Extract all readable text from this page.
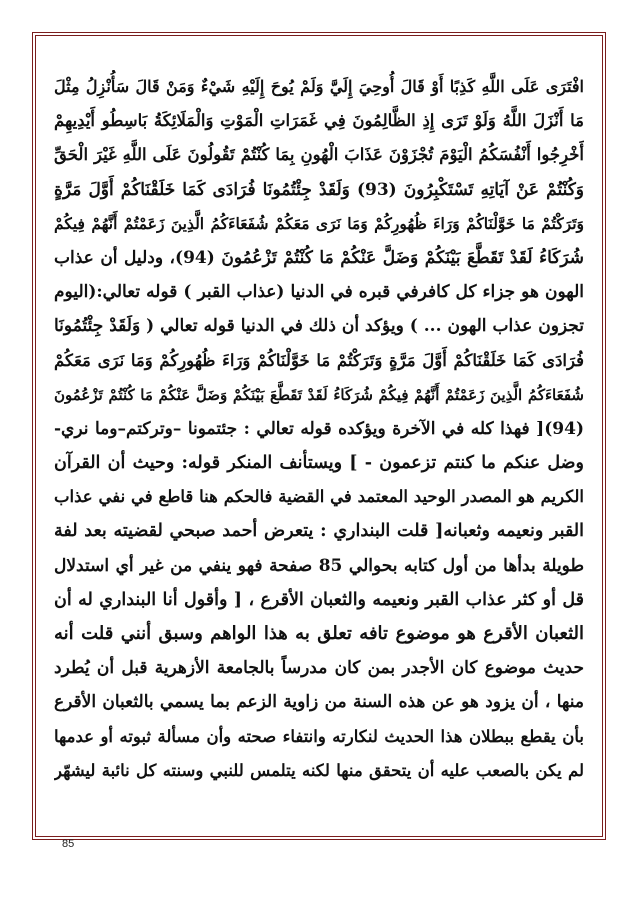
افْتَرَى عَلَى اللَّهِ كَذِبًا أَوْ قَالَ أُوحِيَ إِلَيَّ وَلَمْ يُوحَ إِلَيْهِ شَيْءٌ وَمَنْ قَالَ سَأُنْزِلُ مِثْلَ
مَا أَنْزَلَ اللَّهُ وَلَوْ تَرَى إِذِ الظَّالِمُونَ فِي غَمَرَاتِ الْمَوْتِ وَالْمَلَائِكَةُ بَاسِطُو أَيْدِيهِمْ
أَخْرِجُوا أَنْفُسَكُمُ الْيَوْمَ تُجْزَوْنَ عَذَابَ الْهُونِ بِمَا كُنْتُمْ تَقُولُونَ عَلَى اللَّهِ غَيْرَ الْحَقِّ
وَكُنْتُمْ عَنْ آيَاتِهِ تَسْتَكْبِرُونَ (93) وَلَقَدْ جِئْتُمُونَا فُرَادَى كَمَا خَلَقْنَاكُمْ أَوَّلَ مَرَّةٍ
وَتَرَكْتُمْ مَا خَوَّلْنَاكُمْ وَرَاءَ ظُهُورِكُمْ وَمَا نَرَى مَعَكُمْ شُفَعَاءَكُمُ الَّذِينَ زَعَمْتُمْ أَنَّهُمْ فِيكُمْ
شُرَكَاءُ لَقَدْ تَقَطَّعَ بَيْنَكُمْ وَضَلَّ عَنْكُمْ مَا كُنْتُمْ تَزْعُمُونَ (94)، ودليل أن عذاب
الهون هو جزاء كل كافرفي قبره في الدنيا (عذاب القبر ) قوله تعالي:(اليوم
تجزون عذاب الهون ... ) ويؤكد أن ذلك في الدنيا قوله تعالي ( وَلَقَدْ جِئْتُمُونَا
فُرَادَى كَمَا خَلَقْنَاكُمْ أَوَّلَ مَرَّةٍ وَتَرَكْتُمْ مَا خَوَّلْنَاكُمْ وَرَاءَ ظُهُورِكُمْ وَمَا نَرَى مَعَكُمْ
شُفَعَاءَكُمُ الَّذِينَ زَعَمْتُمْ أَنَّهُمْ فِيكُمْ شُرَكَاءُ لَقَدْ تَقَطَّعَ بَيْنَكُمْ وَضَلَّ عَنْكُمْ مَا كُنْتُمْ تَزْعُمُونَ
(94)[ فهذا كله في الآخرة ويؤكده قوله تعالي : جئتمونا –وتركتم–وما نري-
وضل عنكم ما كنتم تزعمون - ] ويستأنف المنكر قوله: وحيث أن القرآن
الكريم هو المصدر الوحيد المعتمد في القضية فالحكم هنا قاطع في نفي عذاب
القبر ونعيمه وثعبانه[ قلت البنداري : يتعرض أحمد صبحي لقضيته بعد لفة
طويلة بدأها من أول كتابه بحوالي 85 صفحة فهو ينفي من غير أي استدلال
قل أو كثر عذاب القبر ونعيمه والثعبان الأقرع ، [ وأقول أنا البنداري له أن
الثعبان الأقرع هو موضوع تافه تعلق به هذا الواهم وسبق أنني قلت أنه
حديث موضوع كان الأجدر بمن كان مدرساً بالجامعة الأزهرية قبل أن يُطرد
منها ، أن يزود هو عن هذه السنة من زاوية الزعم بما يسمي بالثعبان الأقرع
بأن يقطع ببطلان هذا الحديث لنكارته وانتفاء صحته وأن مسألة ثبوته أو عدمها
لم يكن بالصعب عليه أن يتحقق منها لكنه يتلمس للنبي وسنته كل نائبة ليشهّر
85
